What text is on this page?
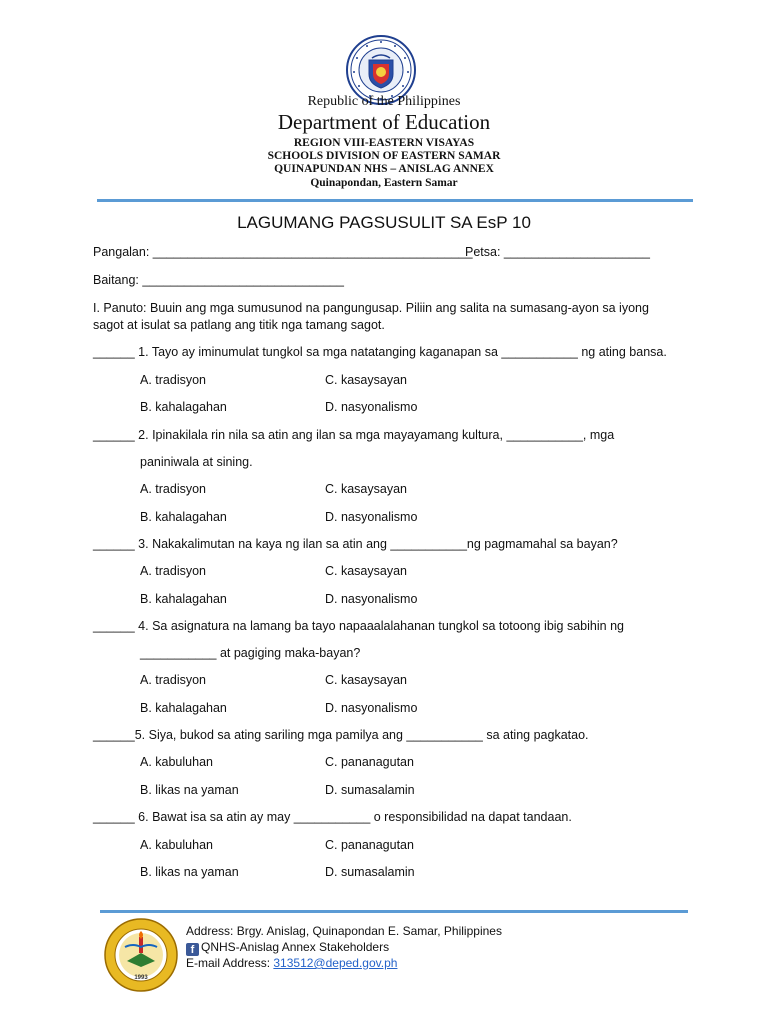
Republic of the Philippines
Department of Education
REGION VIII-EASTERN VISAYAS
SCHOOLS DIVISION OF EASTERN SAMAR
QUINAPUNDAN NHS – ANISLAG ANNEX
Quinapondan, Eastern Samar
LAGUMANG PAGSUSULIT SA EsP 10
Pangalan: ______________________________________________
Petsa: _____________________
Baitang: _____________________________
I. Panuto: Buuin ang mga sumusunod na pangungusap. Piliin ang salita na sumasang-ayon sa iyong
sagot at isulat sa patlang ang titik nga tamang sagot.
______ 1. Tayo ay iminumulat tungkol sa mga natatanging kaganapan sa ___________ ng ating bansa.
A. tradisyon	C. kasaysayan
B. kahalagahan	D. nasyonalismo
______ 2. Ipinakilala rin nila sa atin ang ilan sa mga mayayamang kultura, ___________, mga
paniniwala at sining.
A. tradisyon	C. kasaysayan
B. kahalagahan	D. nasyonalismo
______ 3. Nakakalimutan na kaya ng ilan sa atin ang ___________ng pagmamahal sa bayan?
A. tradisyon	C. kasaysayan
B. kahalagahan	D. nasyonalismo
______ 4. Sa asignatura na lamang ba tayo napaaalalahanan tungkol sa totoong ibig sabihin ng
___________ at pagiging maka-bayan?
A. tradisyon	C. kasaysayan
B. kahalagahan	D. nasyonalismo
______5. Siya, bukod sa ating sariling mga pamilya ang ___________ sa ating pagkatao.
A. kabuluhan	C. pananagutan
B. likas na yaman	D. sumasalamin
______ 6. Bawat isa sa atin ay may ___________ o responsibilidad na dapat tandaan.
A. kabuluhan	C. pananagutan
B. likas na yaman	D. sumasalamin
1993
Address: Brgy. Anislag, Quinapondan E. Samar, Philippines
f QNHS-Anislag Annex Stakeholders
E-mail Address: 313512@deped.gov.ph
